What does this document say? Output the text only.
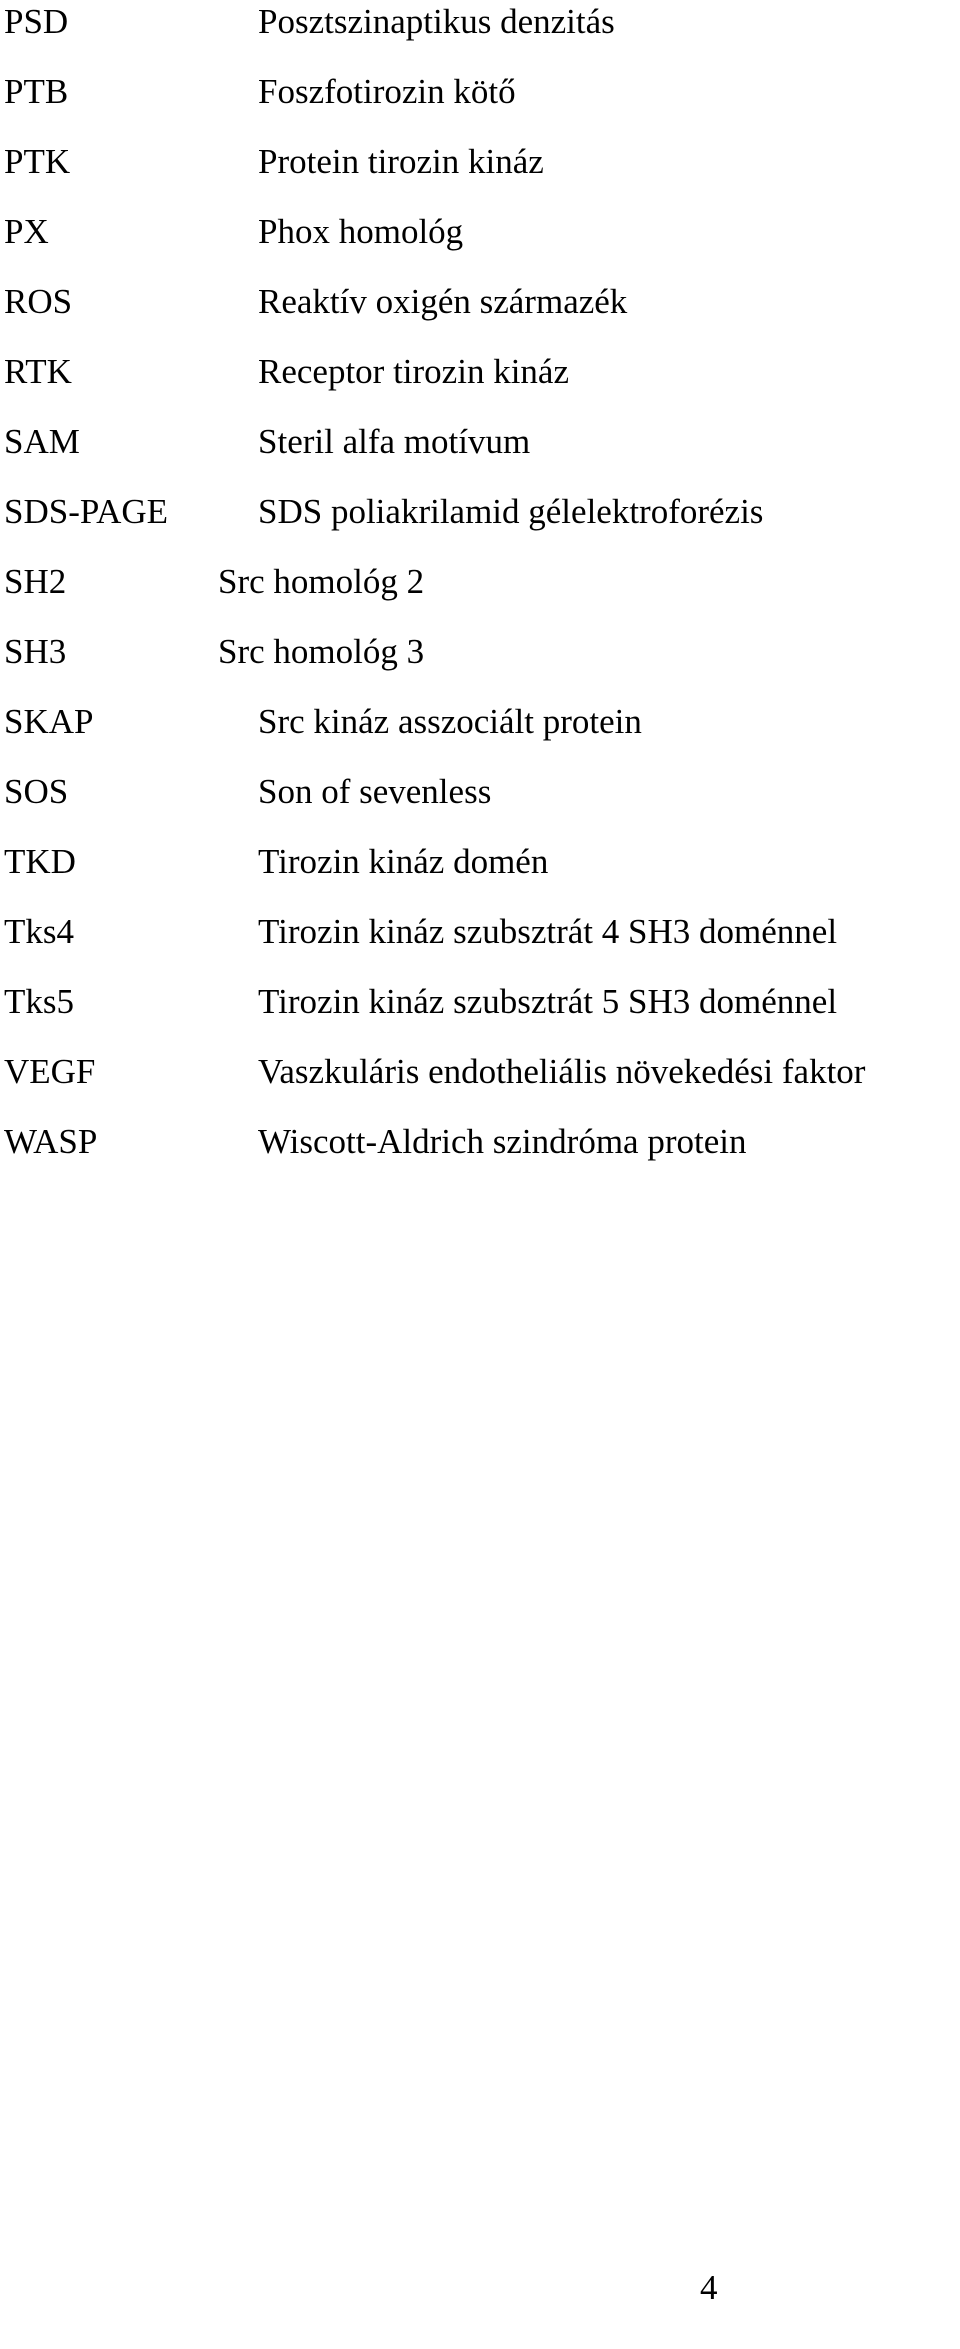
PSD	Posztszinaptikus denzitás
PTB	Foszfotirozin kötő
PTK	Protein tirozin kináz
PX	Phox homológ
ROS	Reaktív oxigén származék
RTK	Receptor tirozin kináz
SAM	Steril alfa motívum
SDS-PAGE	SDS poliakrilamid gélelektroforézis
SH2	Src homológ 2
SH3	Src homológ 3
SKAP	Src kináz asszociált protein
SOS	Son of sevenless
TKD	Tirozin kináz domén
Tks4	Tirozin kináz szubsztrát 4 SH3 doménnel
Tks5	Tirozin kináz szubsztrát 5 SH3 doménnel
VEGF	Vaszkuláris endotheliális növekedési faktor
WASP	Wiscott-Aldrich szindróma protein
4
